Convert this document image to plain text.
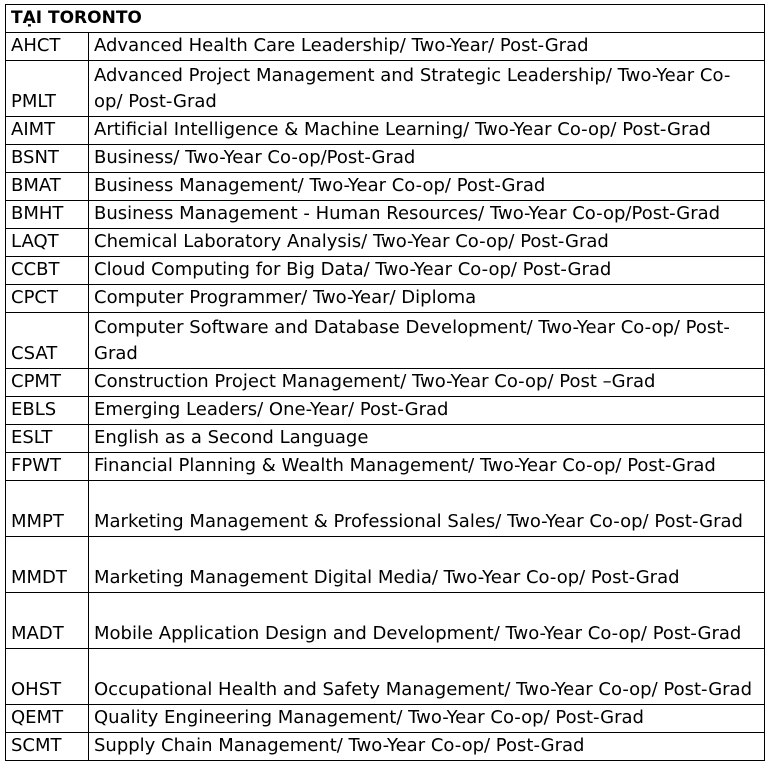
TẠI TORONTO	
AHCT	Advanced Health Care Leadership/ Two-Year/ Post-Grad
PMLT	Advanced Project Management and Strategic Leadership/ Two-Year Co-op/ Post-Grad
AIMT	Artificial Intelligence & Machine Learning/ Two-Year Co-op/ Post-Grad
BSNT	Business/ Two-Year Co-op/Post-Grad
BMAT	Business Management/ Two-Year Co-op/ Post-Grad
BMHT	Business Management - Human Resources/ Two-Year Co-op/Post-Grad
LAQT	Chemical Laboratory Analysis/ Two-Year Co-op/ Post-Grad
CCBT	Cloud Computing for Big Data/ Two-Year Co-op/ Post-Grad
CPCT	Computer Programmer/ Two-Year/ Diploma
CSAT	Computer Software and Database Development/ Two-Year Co-op/ Post-Grad
CPMT	Construction Project Management/ Two-Year Co-op/ Post –Grad
EBLS	Emerging Leaders/ One-Year/ Post-Grad
ESLT	English as a Second Language
FPWT	Financial Planning & Wealth Management/ Two-Year Co-op/ Post-Grad
MMPT	Marketing Management & Professional Sales/ Two-Year Co-op/ Post-Grad
MMDT	Marketing Management Digital Media/ Two-Year Co-op/ Post-Grad
MADT	Mobile Application Design and Development/ Two-Year Co-op/ Post-Grad
OHST	Occupational Health and Safety Management/ Two-Year Co-op/ Post-Grad
QEMT	Quality Engineering Management/ Two-Year Co-op/ Post-Grad
SCMT	Supply Chain Management/ Two-Year Co-op/ Post-Grad
